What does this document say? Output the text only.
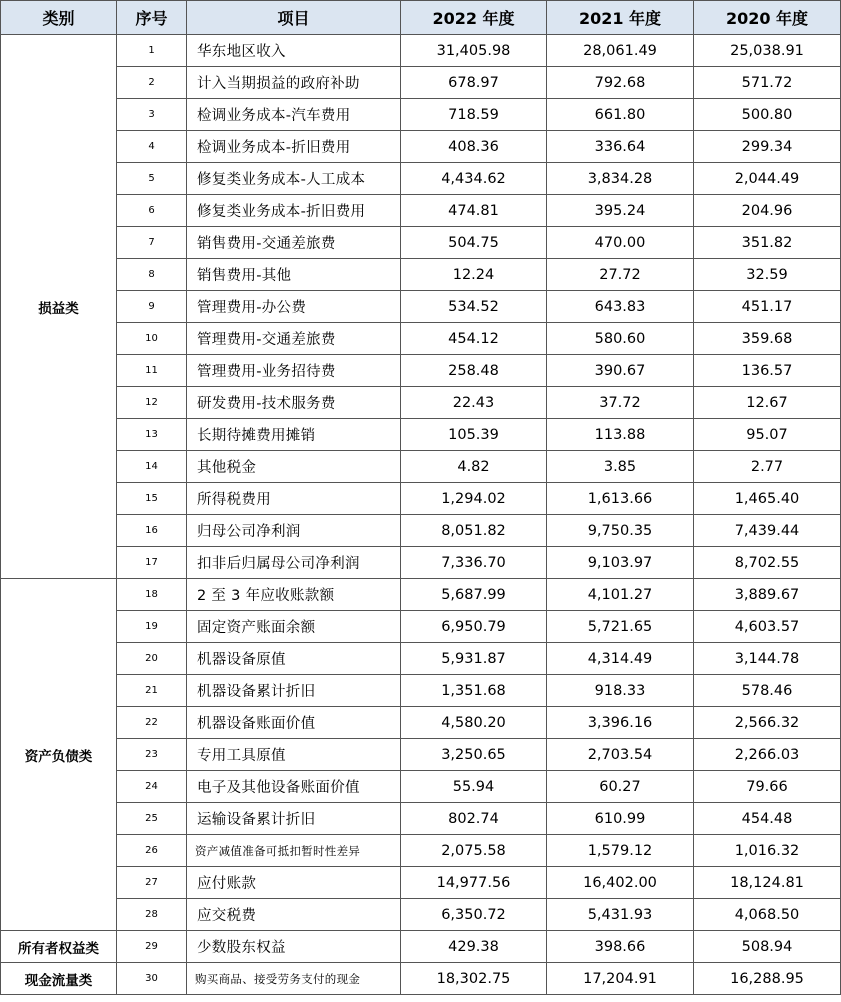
类别	序号	项目	2022 年度	2021 年度	2020 年度
损益类	1	华东地区收入	31,405.98	28,061.49	25,038.91
	2	计入当期损益的政府补助	678.97	792.68	571.72
	3	检调业务成本-汽车费用	718.59	661.80	500.80
	4	检调业务成本-折旧费用	408.36	336.64	299.34
	5	修复类业务成本-人工成本	4,434.62	3,834.28	2,044.49
	6	修复类业务成本-折旧费用	474.81	395.24	204.96
	7	销售费用-交通差旅费	504.75	470.00	351.82
	8	销售费用-其他	12.24	27.72	32.59
	9	管理费用-办公费	534.52	643.83	451.17
	10	管理费用-交通差旅费	454.12	580.60	359.68
	11	管理费用-业务招待费	258.48	390.67	136.57
	12	研发费用-技术服务费	22.43	37.72	12.67
	13	长期待摊费用摊销	105.39	113.88	95.07
	14	其他税金	4.82	3.85	2.77
	15	所得税费用	1,294.02	1,613.66	1,465.40
	16	归母公司净利润	8,051.82	9,750.35	7,439.44
	17	扣非后归属母公司净利润	7,336.70	9,103.97	8,702.55
资产负债类	18	2 至 3 年应收账款额	5,687.99	4,101.27	3,889.67
	19	固定资产账面余额	6,950.79	5,721.65	4,603.57
	20	机器设备原值	5,931.87	4,314.49	3,144.78
	21	机器设备累计折旧	1,351.68	918.33	578.46
	22	机器设备账面价值	4,580.20	3,396.16	2,566.32
	23	专用工具原值	3,250.65	2,703.54	2,266.03
	24	电子及其他设备账面价值	55.94	60.27	79.66
	25	运输设备累计折旧	802.74	610.99	454.48
	26	资产减值准备可抵扣暂时性差异	2,075.58	1,579.12	1,016.32
	27	应付账款	14,977.56	16,402.00	18,124.81
	28	应交税费	6,350.72	5,431.93	4,068.50
所有者权益类	29	少数股东权益	429.38	398.66	508.94
现金流量类	30	购买商品、接受劳务支付的现金	18,302.75	17,204.91	16,288.95
